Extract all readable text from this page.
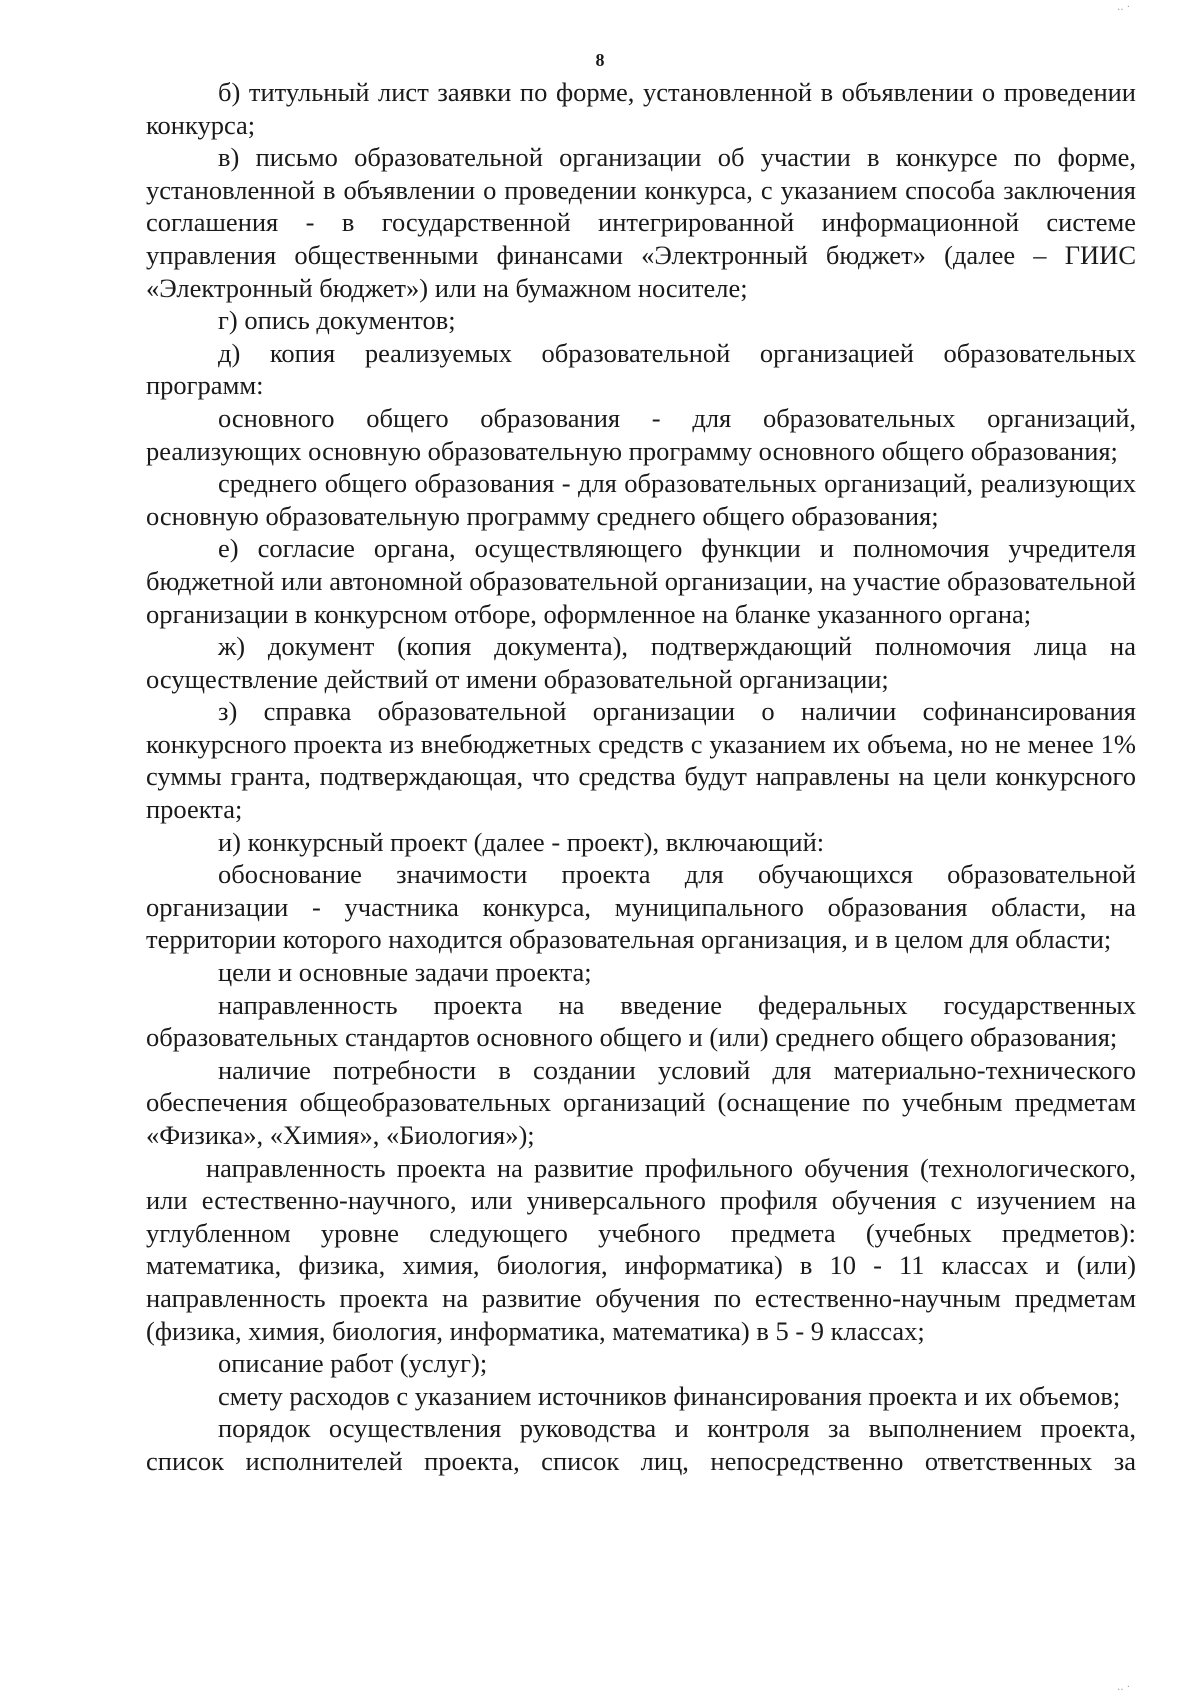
‥ ·
‥ ·
8

б) титульный лист заявки по форме, установленной в объявлении о проведении конкурса;

в) письмо образовательной организации об участии в конкурсе по форме, установленной в объявлении о проведении конкурса, с указанием способа заключения соглашения - в государственной интегрированной информационной системе управления общественными финансами «Электронный бюджет» (далее – ГИИС «Электронный бюджет») или на бумажном носителе;

г) опись документов;

д) копия реализуемых образовательной организацией образовательных программ:

основного общего образования - для образовательных организаций, реализующих основную образовательную программу основного общего образования;

среднего общего образования - для образовательных организаций, реализующих основную образовательную программу среднего общего образования;

е) согласие органа, осуществляющего функции и полномочия учредителя бюджетной или автономной образовательной организации, на участие образовательной организации в конкурсном отборе, оформленное на бланке указанного органа;

ж) документ (копия документа), подтверждающий полномочия лица на осуществление действий от имени образовательной организации;

з) справка образовательной организации о наличии софинансирования конкурсного проекта из внебюджетных средств с указанием их объема, но не менее 1% суммы гранта, подтверждающая, что средства будут направлены на цели конкурсного проекта;

и) конкурсный проект (далее - проект), включающий:

обоснование значимости проекта для обучающихся образовательной организации - участника конкурса, муниципального образования области, на территории которого находится образовательная организация, и в целом для области;

цели и основные задачи проекта;

направленность проекта на введение федеральных государственных образовательных стандартов основного общего и (или) среднего общего образования;

наличие потребности в создании условий для материально-технического обеспечения общеобразовательных организаций (оснащение по учебным предметам «Физика», «Химия», «Биология»);

направленность проекта на развитие профильного обучения (технологического, или естественно-научного, или универсального профиля обучения с изучением на углубленном уровне следующего учебного предмета (учебных предметов): математика, физика, химия, биология, информатика) в 10 - 11 классах и (или) направленность проекта на развитие обучения по естественно-научным предметам (физика, химия, биология, информатика, математика) в 5 - 9 классах;

описание работ (услуг);

смету расходов с указанием источников финансирования проекта и их объемов;

порядок осуществления руководства и контроля за выполнением проекта, список исполнителей проекта, список лиц, непосредственно ответственных за
